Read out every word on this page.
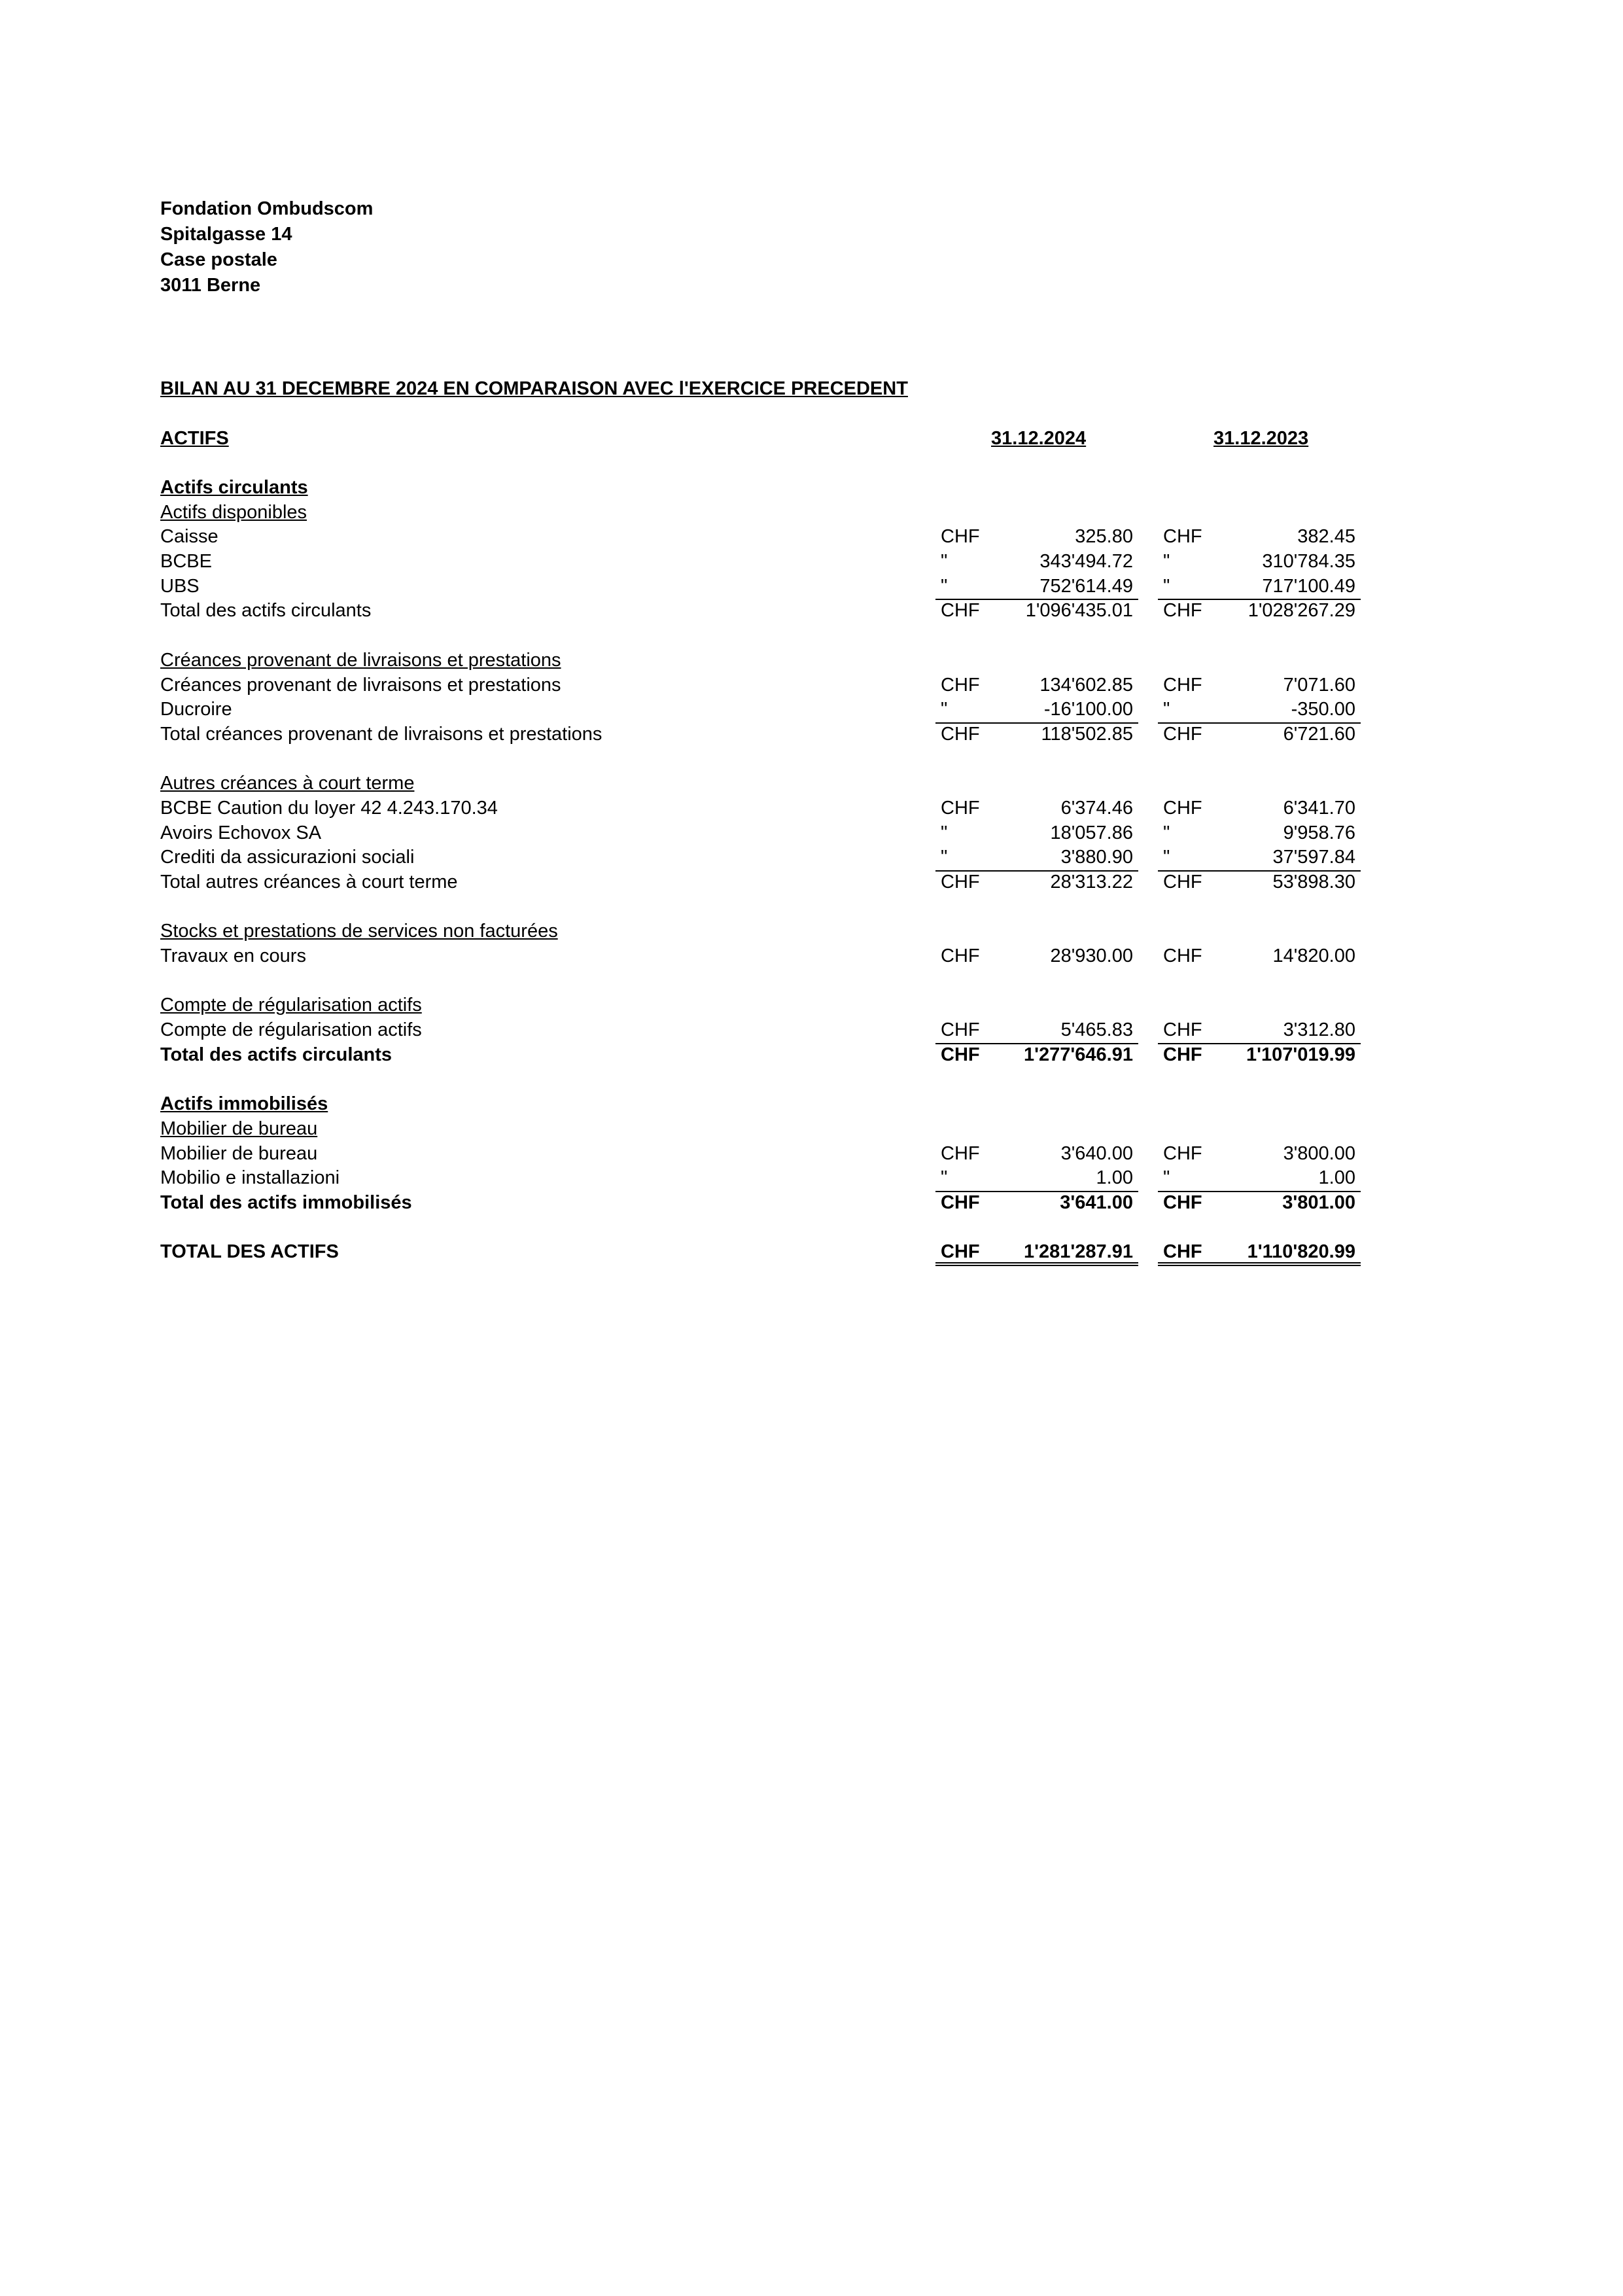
Fondation Ombudscom
Spitalgasse 14
Case postale
3011 Berne
BILAN AU 31 DECEMBRE 2024 EN COMPARAISON AVEC l'EXERCICE PRECEDENT
ACTIFS	31.12.2024	31.12.2023
Actifs circulants
Actifs disponibles
Caisse	CHF	325.80 CHF	382.45
BCBE	"	343'494.72 "	310'784.35
UBS	"	752'614.49 "	717'100.49
Total des actifs circulants	CHF 1'096'435.01 CHF 1'028'267.29
Créances provenant de livraisons et prestations
Créances provenant de livraisons et prestations	CHF	134'602.85 CHF	7'071.60
Ducroire	"	-16'100.00 "	-350.00
Total créances provenant de livraisons et prestations	CHF	118'502.85 CHF	6'721.60
Autres créances à court terme
BCBE Caution du loyer 42 4.243.170.34	CHF	6'374.46 CHF	6'341.70
Avoirs Echovox SA	"	18'057.86 "	9'958.76
Crediti da assicurazioni sociali	"	3'880.90 "	37'597.84
Total autres créances à court terme	CHF	28'313.22 CHF	53'898.30
Stocks et prestations de services non facturées
Travaux en cours	CHF	28'930.00 CHF	14'820.00
Compte de régularisation actifs
Compte de régularisation actifs	CHF	5'465.83 CHF	3'312.80
Total des actifs circulants	CHF 1'277'646.91 CHF 1'107'019.99
Actifs immobilisés
Mobilier de bureau
Mobilier de bureau	CHF	3'640.00 CHF	3'800.00
Mobilio e installazioni	"	1.00 "	1.00
Total des actifs immobilisés	CHF	3'641.00 CHF	3'801.00
TOTAL DES ACTIFS	CHF 1'281'287.91 CHF 1'110'820.99
